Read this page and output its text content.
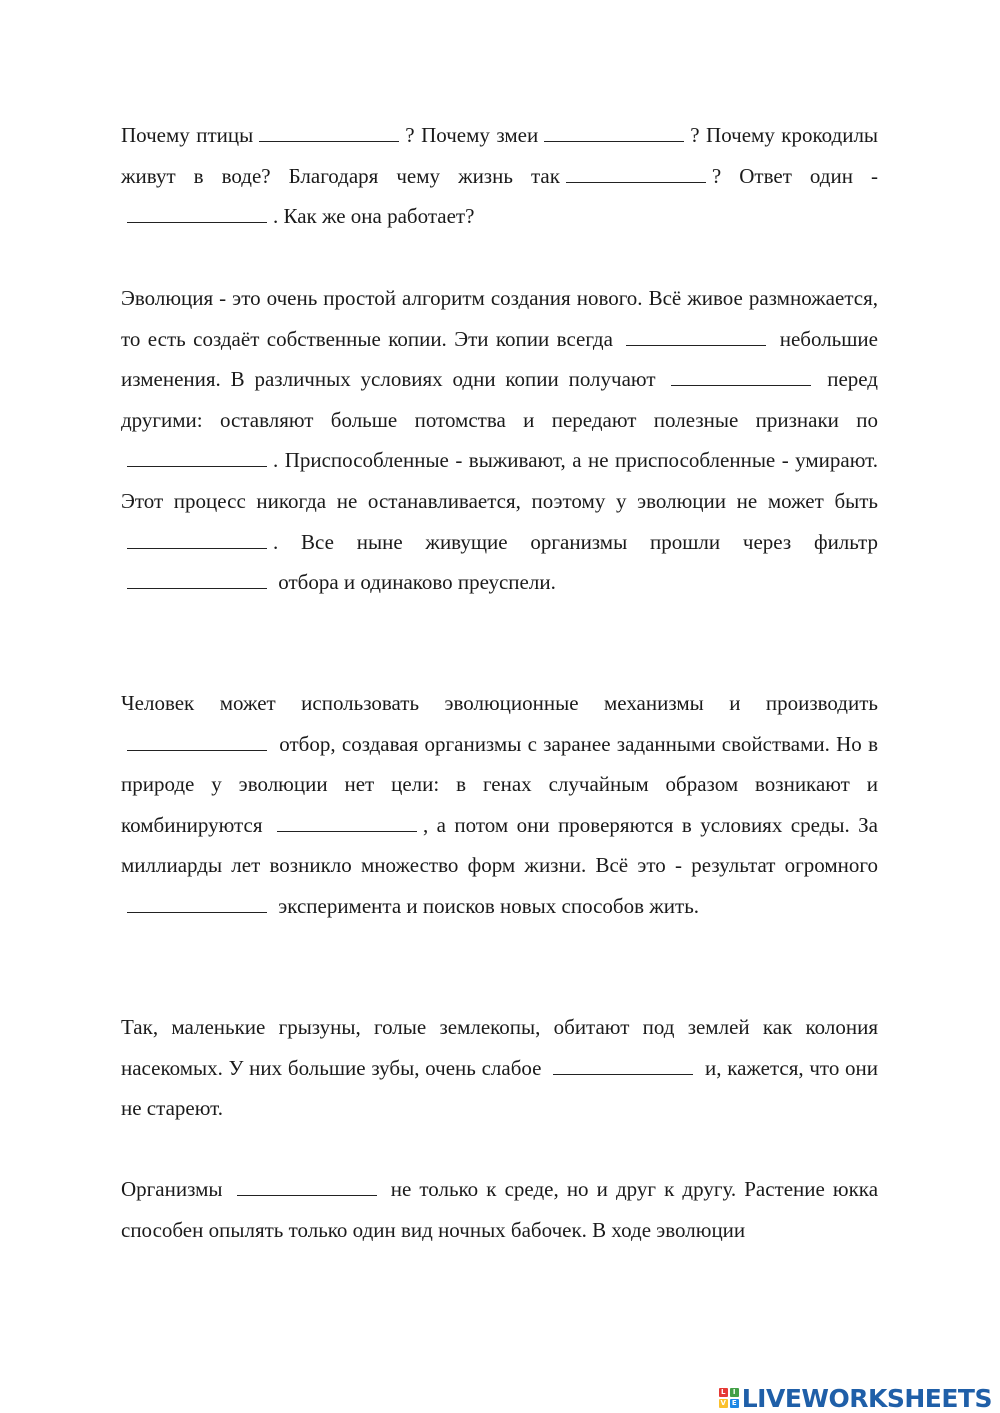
Почему птицы	? Почему змеи	? Почему крокодилы живут в воде? Благодаря чему жизнь так	? Ответ один -. Как же она работает?

Эволюция - это очень простой алгоритм создания нового. Всё живое размножается, то есть создаёт собственные копии. Эти копии всегда	небольшие изменения. В различных условиях одни копии получают	перед другими: оставляют больше потомства и передают полезные признаки по . Приспособленные - выживают, а не приспособленные - умирают. Этот процесс никогда не останавливается, поэтому у эволюции не может быть. Все ныне живущие организмы прошли через фильтр  отбора и одинаково преуспели.

Человек может использовать эволюционные механизмы и производить  отбор, создавая организмы с заранее заданными свойствами. Но в природе у эволюции нет цели: в генах случайным образом возникают и комбинируются	, а потом они проверяются в условиях среды. За миллиарды лет возникло множество форм жизни. Всё это - результат огромного  эксперимента и поисков новых способов жить.

Так, маленькие грызуны, голые землекопы, обитают под землей как колония насекомых. У них большие зубы, очень слабое	и, кажется, что они не стареют.

Организмы	не только к среде, но и друг к другу. Растение юкка способен опылять только один вид ночных бабочек. В ходе эволюции

L	I
V E LIVEWORKSHEETS
